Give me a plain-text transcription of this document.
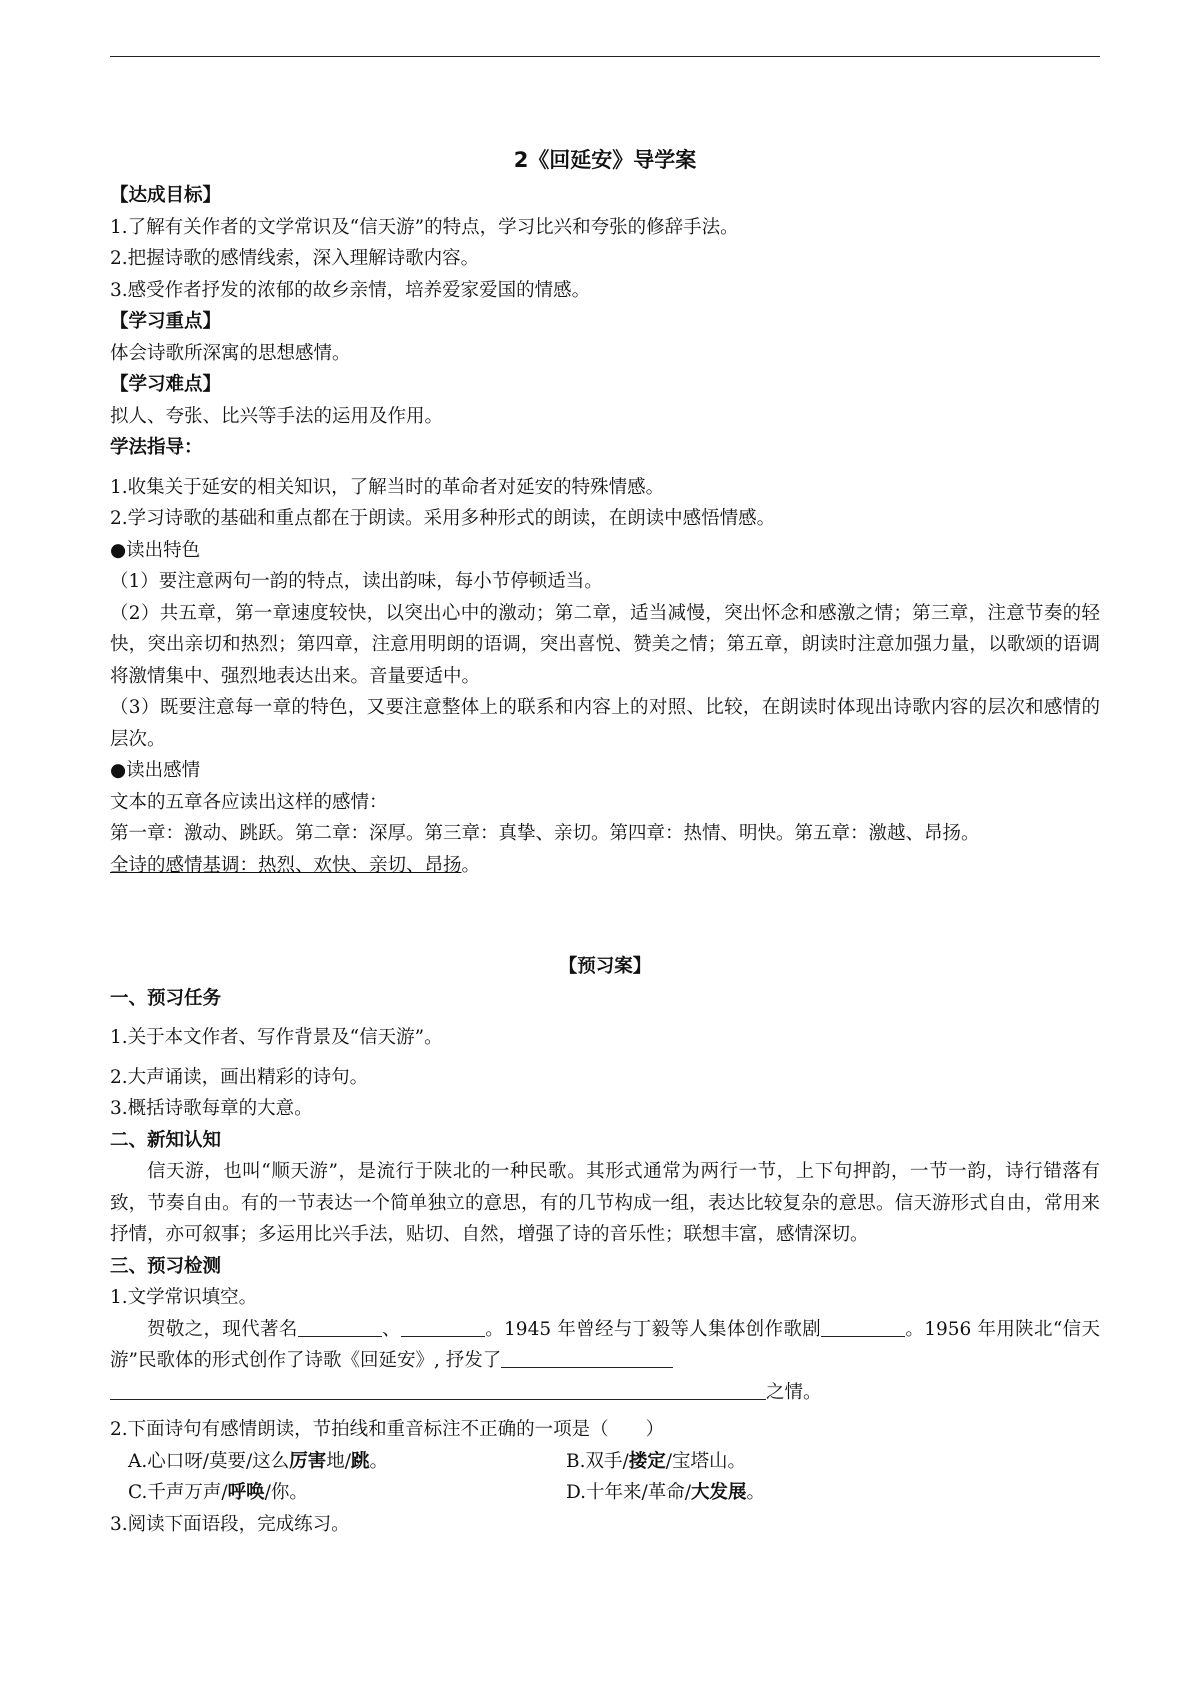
2《回延安》导学案
【达成目标】
1.了解有关作者的文学常识及“信天游”的特点，学习比兴和夸张的修辞手法。
2.把握诗歌的感情线索，深入理解诗歌内容。
3.感受作者抒发的浓郁的故乡亲情，培养爱家爱国的情感。
【学习重点】
体会诗歌所深寓的思想感情。
【学习难点】
拟人、夸张、比兴等手法的运用及作用。
学法指导：
1.收集关于延安的相关知识，了解当时的革命者对延安的特殊情感。
2.学习诗歌的基础和重点都在于朗读。采用多种形式的朗读，在朗读中感悟情感。
●读出特色
（1）要注意两句一韵的特点，读出韵味，每小节停顿适当。
（2）共五章，第一章速度较快，以突出心中的激动；第二章，适当减慢，突出怀念和感激之情；第三章，注意节奏的轻快，突出亲切和热烈；第四章，注意用明朗的语调，突出喜悦、赞美之情；第五章，朗读时注意加强力量，以歌颂的语调将激情集中、强烈地表达出来。音量要适中。
（3）既要注意每一章的特色，又要注意整体上的联系和内容上的对照、比较，在朗读时体现出诗歌内容的层次和感情的层次。
●读出感情
文本的五章各应读出这样的感情：
第一章：激动、跳跃。第二章：深厚。第三章：真挚、亲切。第四章：热情、明快。第五章：激越、昂扬。
全诗的感情基调：热烈、欢快、亲切、昂扬。
【预习案】
一、预习任务
1.关于本文作者、写作背景及“信天游”。
2.大声诵读，画出精彩的诗句。
3.概括诗歌每章的大意。
二、新知认知
信天游，也叫“顺天游”，是流行于陕北的一种民歌。其形式通常为两行一节，上下句押韵，一节一韵，诗行错落有致，节奏自由。有的一节表达一个简单独立的意思，有的几节构成一组，表达比较复杂的意思。信天游形式自由，常用来抒情，亦可叙事；多运用比兴手法，贴切、自然，增强了诗的音乐性；联想丰富，感情深切。
三、预习检测
1.文学常识填空。
贺敬之，现代著名	、	。1945 年曾经与丁毅等人集体创作歌剧	。1956 年用陕北“信天游”民歌体的形式创作了诗歌《回延安》, 抒发了
之情。
2.下面诗句有感情朗读，节拍线和重音标注不正确的一项是（　　）
A.心口呀/莫要/这么厉害地/跳。	B.双手/搂定/宝塔山。
C.千声万声/呼唤/你。	D.十年来/革命/大发展。
3.阅读下面语段，完成练习。
